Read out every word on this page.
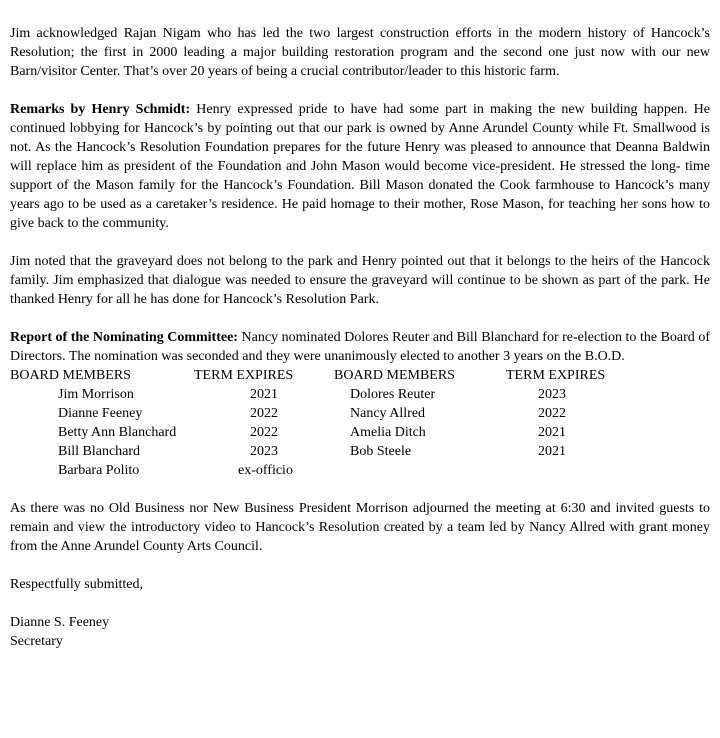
Jim acknowledged Rajan Nigam who has led the two largest construction efforts in the modern history of Hancock’s Resolution; the first in 2000 leading a major building restoration program and the second one just now with our new Barn/visitor Center. That’s over 20 years of being a crucial contributor/leader to this historic farm.

Remarks by Henry Schmidt: Henry expressed pride to have had some part in making the new building happen. He continued lobbying for Hancock’s by pointing out that our park is owned by Anne Arundel County while Ft. Smallwood is not. As the Hancock’s Resolution Foundation prepares for the future Henry was pleased to announce that Deanna Baldwin will replace him as president of the Foundation and John Mason would become vice-president. He stressed the long- time support of the Mason family for the Hancock’s Foundation. Bill Mason donated the Cook farmhouse to Hancock’s many years ago to be used as a caretaker’s residence. He paid homage to their mother, Rose Mason, for teaching her sons how to give back to the community.

Jim noted that the graveyard does not belong to the park and Henry pointed out that it belongs to the heirs of the Hancock family. Jim emphasized that dialogue was needed to ensure the graveyard will continue to be shown as part of the park. He thanked Henry for all he has done for Hancock’s Resolution Park.

Report of the Nominating Committee: Nancy nominated Dolores Reuter and Bill Blanchard for re-election to the Board of Directors. The nomination was seconded and they were unanimously elected to another 3 years on the B.O.D.

BOARD MEMBERS	TERM EXPIRES	BOARD MEMBERS	TERM EXPIRES
Jim Morrison	2021	Dolores Reuter	2023
Dianne Feeney	2022	Nancy Allred	2022
Betty Ann Blanchard	2022	Amelia Ditch	2021
Bill Blanchard	2023	Bob Steele	2021
Barbara Polito	ex-officio

As there was no Old Business nor New Business President Morrison adjourned the meeting at 6:30 and invited guests to remain and view the introductory video to Hancock’s Resolution created by a team led by Nancy Allred with grant money from the Anne Arundel County Arts Council.

Respectfully submitted,

Dianne S. Feeney

Secretary
